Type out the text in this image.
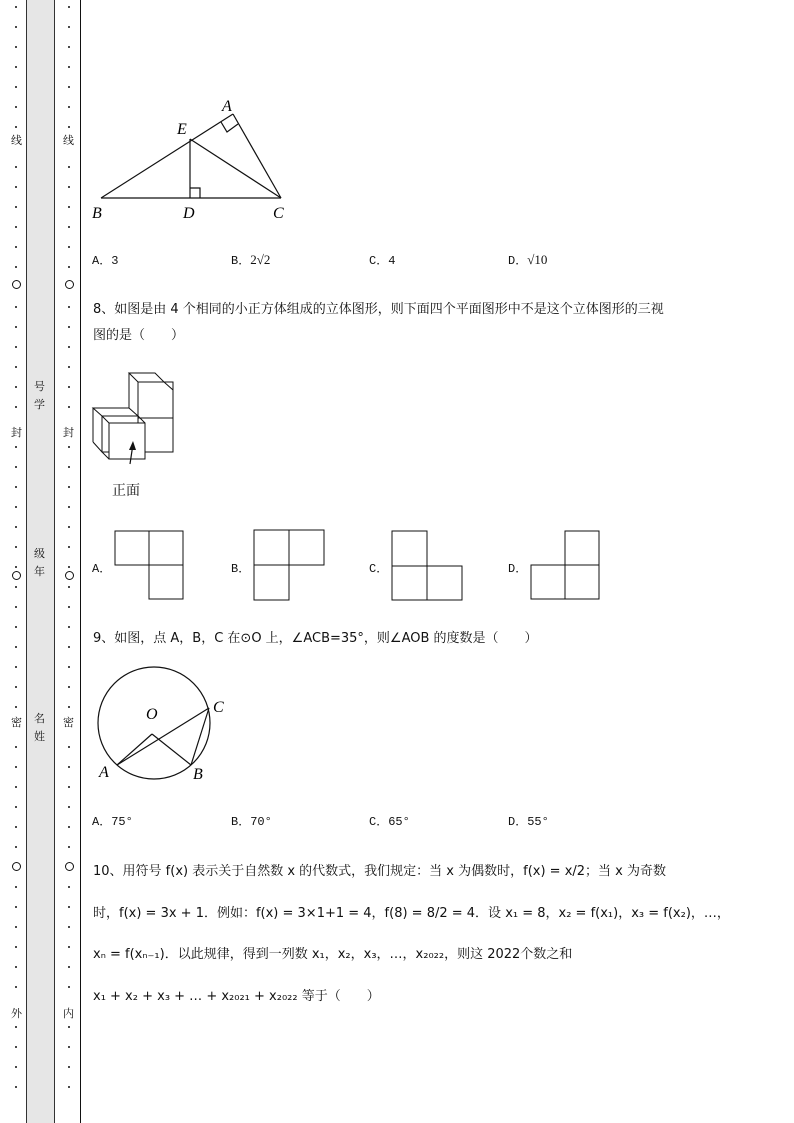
线
封
密
外
线
封
密
内
号学
级年
名姓
A
E
B	D	C
A．3	B．2√2	C．4	D．√10
8、如图是由 4 个相同的小正方体组成的立体图形，则下面四个平面图形中不是这个立体图形的三视
图的是（　　）
正面
A．	B．	C．	D．
9、如图，点 A，B，C 在⊙O 上，∠ACB=35°，则∠AOB 的度数是（　　）
O	C
A	B
A．75°	B．70°	C．65°	D．55°
10、用符号 f(x) 表示关于自然数 x 的代数式，我们规定：当 x 为偶数时，f(x) = x/2；当 x 为奇数
时，f(x) = 3x + 1．例如：f(x) = 3×1+1 = 4，f(8) = 8/2 = 4．设 x₁ = 8，x₂ = f(x₁)，x₃ = f(x₂)，…，
xₙ = f(xₙ₋₁)．以此规律，得到一列数 x₁，x₂，x₃，…，x₂₀₂₂，则这 2022个数之和
x₁ + x₂ + x₃ + … + x₂₀₂₁ + x₂₀₂₂ 等于（　　）
